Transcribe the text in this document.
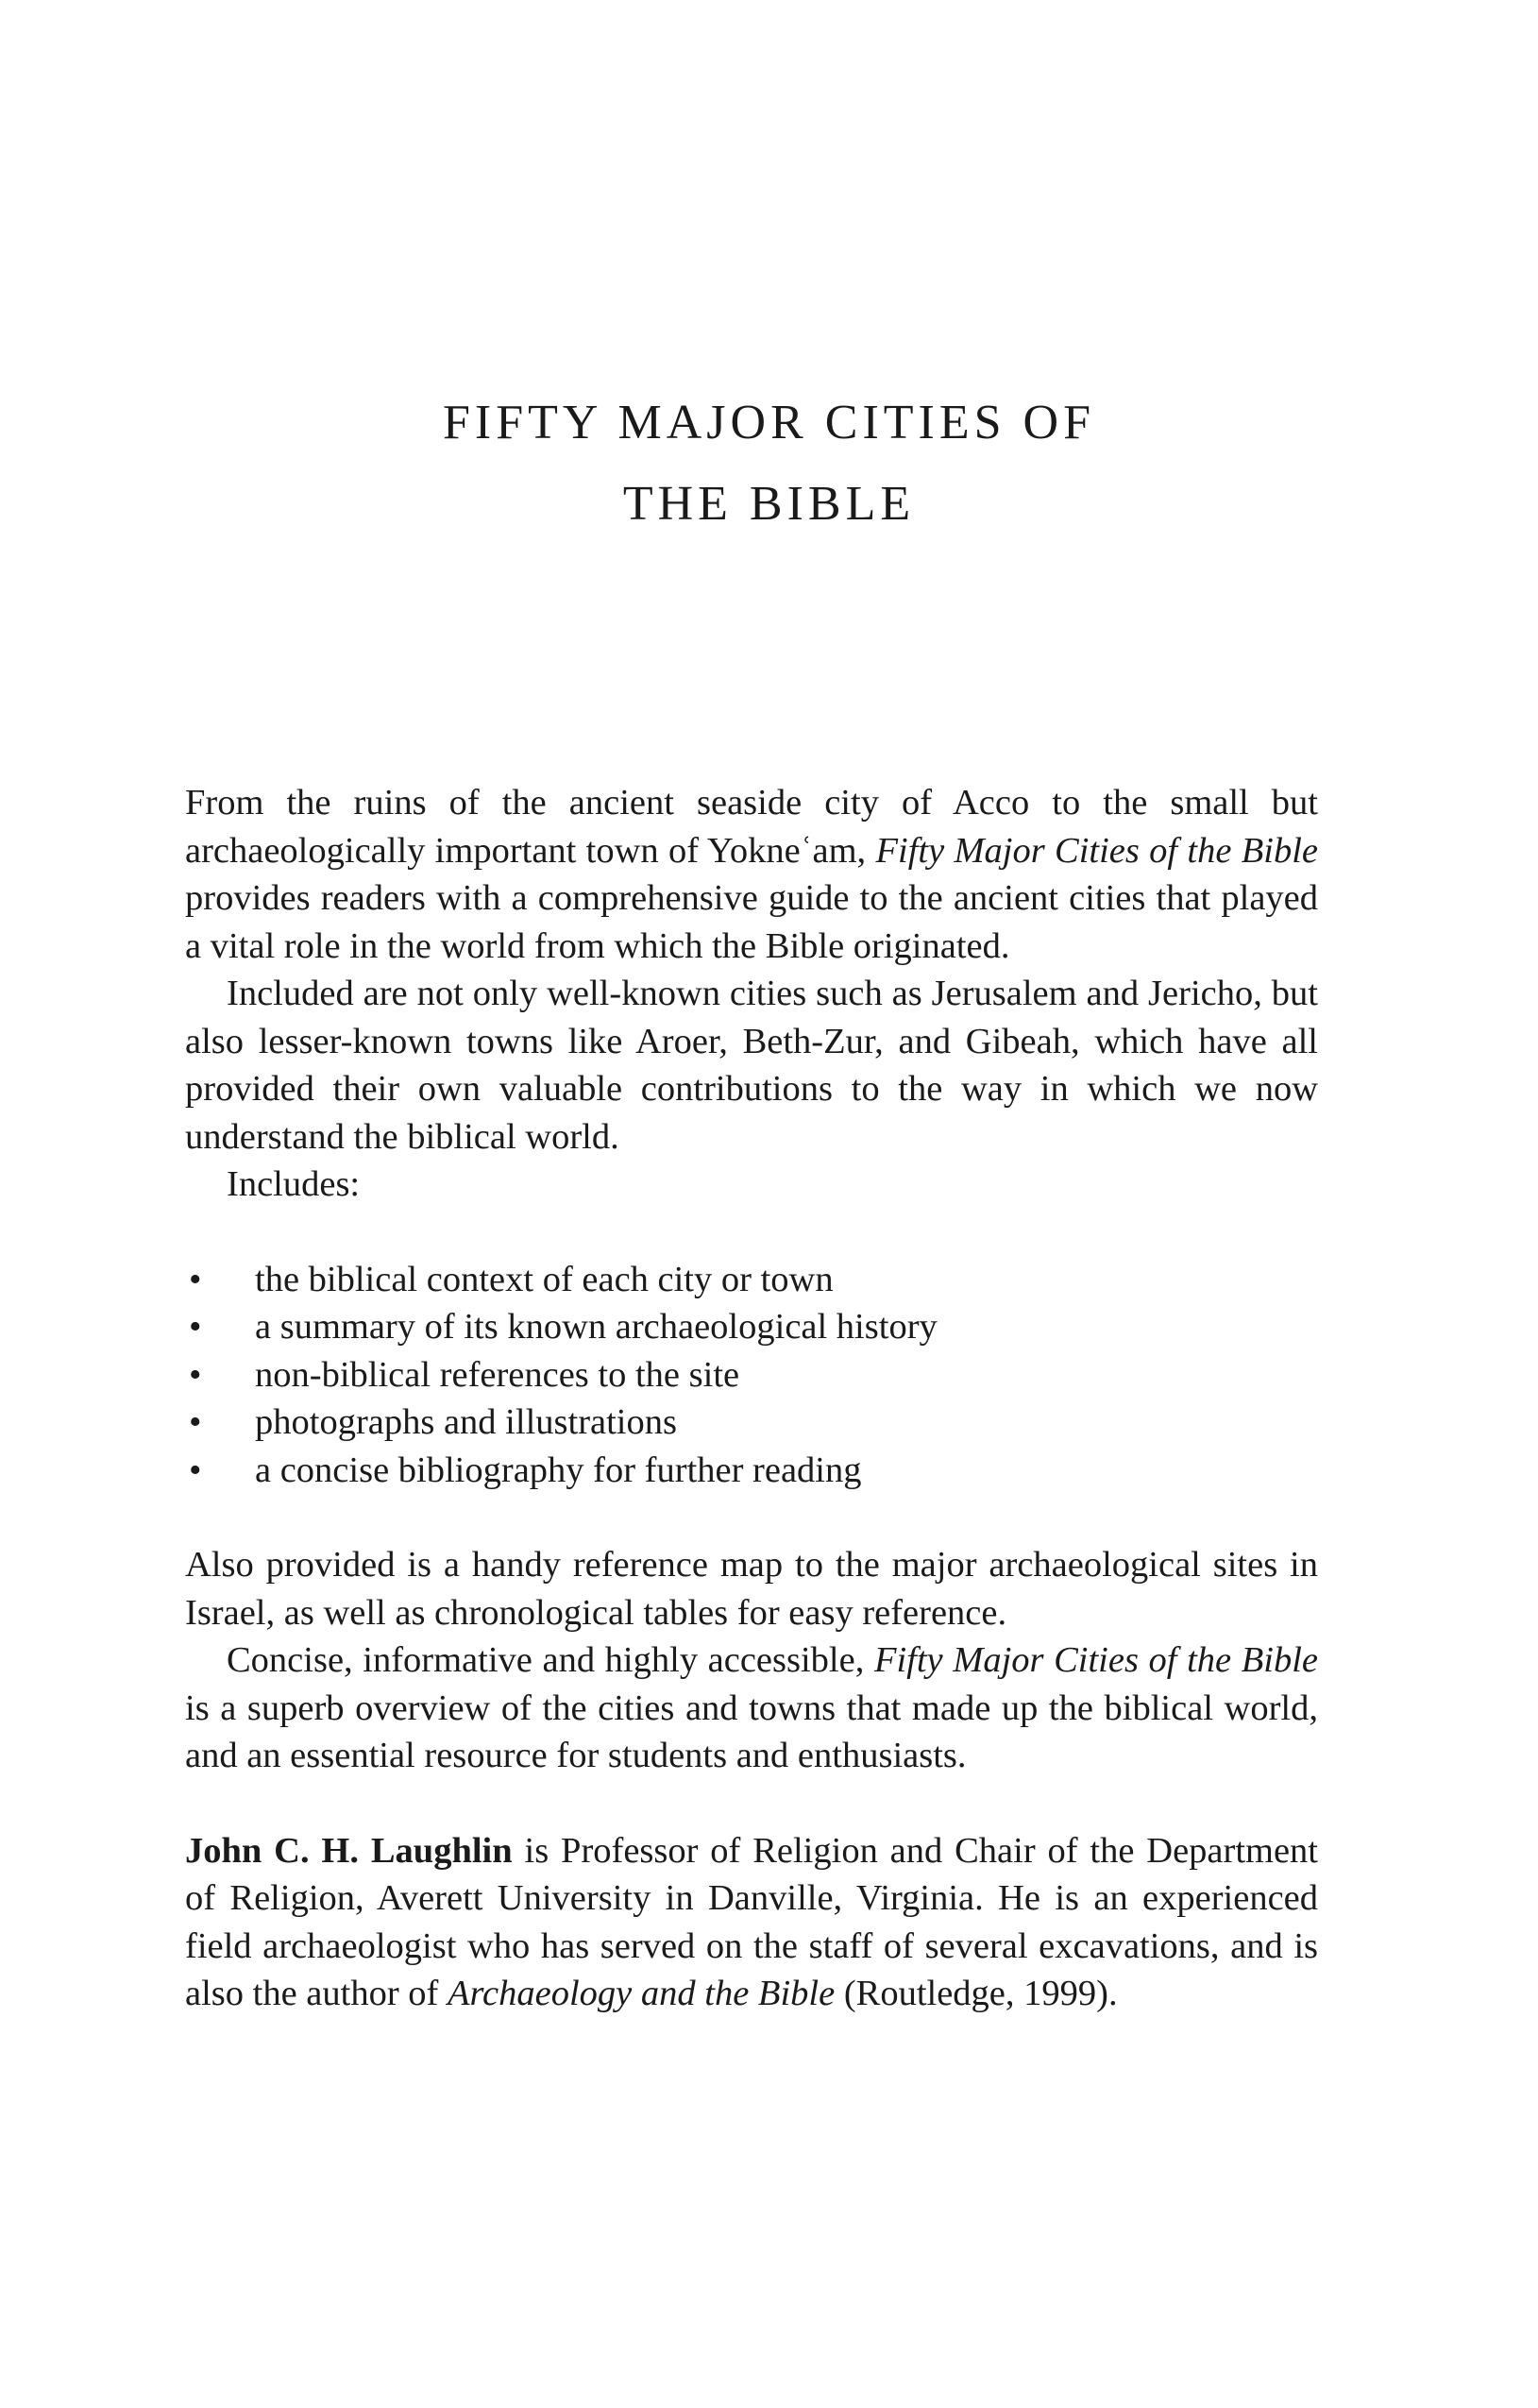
FIFTY MAJOR CITIES OF
THE BIBLE

From the ruins of the ancient seaside city of Acco to the small but archaeologically important town of Yokneʿam, Fifty Major Cities of the Bible provides readers with a comprehensive guide to the ancient cities that played a vital role in the world from which the Bible originated.

Included are not only well-known cities such as Jerusalem and Jericho, but also lesser-known towns like Aroer, Beth-Zur, and Gibeah, which have all provided their own valuable contributions to the way in which we now understand the biblical world.

Includes:

• the biblical context of each city or town
• a summary of its known archaeological history
• non-biblical references to the site
• photographs and illustrations
• a concise bibliography for further reading

Also provided is a handy reference map to the major archaeological sites in Israel, as well as chronological tables for easy reference.

Concise, informative and highly accessible, Fifty Major Cities of the Bible is a superb overview of the cities and towns that made up the biblical world, and an essential resource for students and enthusiasts.

John C. H. Laughlin is Professor of Religion and Chair of the Department of Religion, Averett University in Danville, Virginia. He is an experienced field archaeologist who has served on the staff of several excavations, and is also the author of Archaeology and the Bible (Routledge, 1999).
